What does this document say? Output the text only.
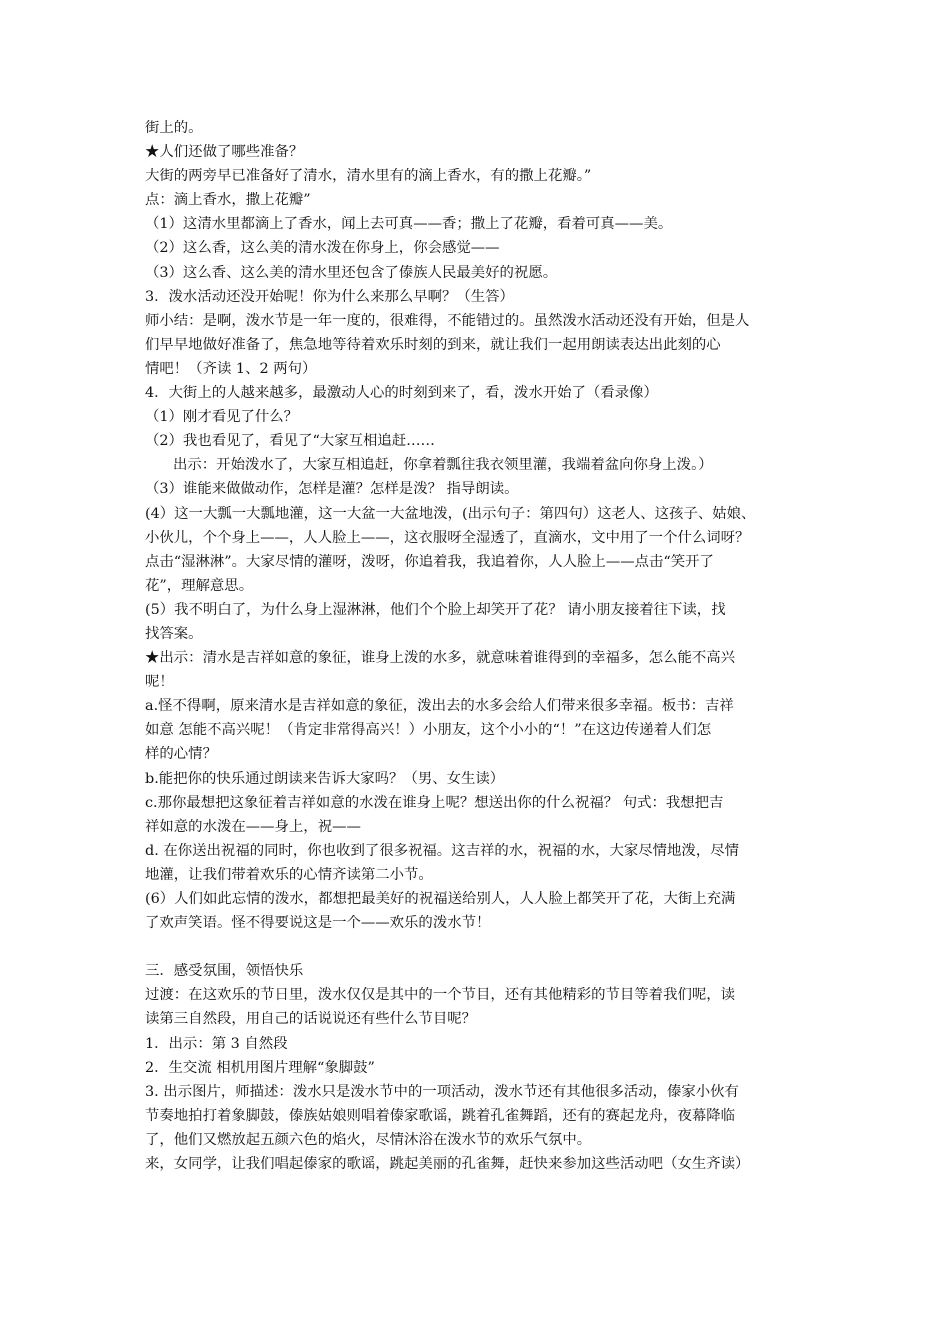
街上的。
★人们还做了哪些准备？
大街的两旁早已准备好了清水，清水里有的滴上香水，有的撒上花瓣。”
点：滴上香水，撒上花瓣”
（1）这清水里都滴上了香水，闻上去可真——香；撒上了花瓣，看着可真——美。
（2）这么香，这么美的清水泼在你身上，你会感觉——
（3）这么香、这么美的清水里还包含了傣族人民最美好的祝愿。
3．泼水活动还没开始呢！你为什么来那么早啊？（生答）
师小结：是啊，泼水节是一年一度的，很难得，不能错过的。虽然泼水活动还没有开始，但是人
们早早地做好准备了，焦急地等待着欢乐时刻的到来，就让我们一起用朗读表达出此刻的心
情吧！（齐读 1、2 两句）
4．大街上的人越来越多，最激动人心的时刻到来了，看，泼水开始了（看录像）
（1）刚才看见了什么？
（2）我也看见了，看见了“大家互相追赶……
出示：开始泼水了，大家互相追赶，你拿着瓢往我衣领里灌，我端着盆向你身上泼。）
（3）谁能来做做动作，怎样是灌？怎样是泼？ 指导朗读。
(4）这一大瓢一大瓢地灌，这一大盆一大盆地泼，(出示句子：第四句）这老人、这孩子、姑娘、
小伙儿，个个身上——，人人脸上——，这衣服呀全湿透了，直滴水，文中用了一个什么词呀？
点击“湿淋淋”。大家尽情的灌呀，泼呀，你追着我，我追着你，人人脸上——点击“笑开了
花”，理解意思。
(5）我不明白了，为什么身上湿淋淋，他们个个脸上却笑开了花？ 请小朋友接着往下读，找
找答案。
★出示：清水是吉祥如意的象征，谁身上泼的水多，就意味着谁得到的幸福多，怎么能不高兴
呢！
a.怪不得啊，原来清水是吉祥如意的象征，泼出去的水多会给人们带来很多幸福。板书：吉祥
如意 怎能不高兴呢！（肯定非常得高兴！）小朋友，这个小小的“！”在这边传递着人们怎
样的心情？
b.能把你的快乐通过朗读来告诉大家吗？（男、女生读）
c.那你最想把这象征着吉祥如意的水泼在谁身上呢？想送出你的什么祝福？ 句式：我想把吉
祥如意的水泼在——身上，祝——
d. 在你送出祝福的同时，你也收到了很多祝福。这吉祥的水，祝福的水，大家尽情地泼，尽情
地灌，让我们带着欢乐的心情齐读第二小节。
(6）人们如此忘情的泼水，都想把最美好的祝福送给别人，人人脸上都笑开了花，大街上充满
了欢声笑语。怪不得要说这是一个——欢乐的泼水节！
三．感受氛围，领悟快乐
过渡：在这欢乐的节日里，泼水仅仅是其中的一个节目，还有其他精彩的节目等着我们呢，读
读第三自然段，用自己的话说说还有些什么节目呢？
1．出示：第 3 自然段
2．生交流 相机用图片理解“象脚鼓”
3. 出示图片，师描述：泼水只是泼水节中的一项活动，泼水节还有其他很多活动，傣家小伙有
节奏地拍打着象脚鼓，傣族姑娘则唱着傣家歌谣，跳着孔雀舞蹈，还有的赛起龙舟，夜幕降临
了，他们又燃放起五颜六色的焰火，尽情沐浴在泼水节的欢乐气氛中。
来，女同学，让我们唱起傣家的歌谣，跳起美丽的孔雀舞，赶快来参加这些活动吧（女生齐读）
